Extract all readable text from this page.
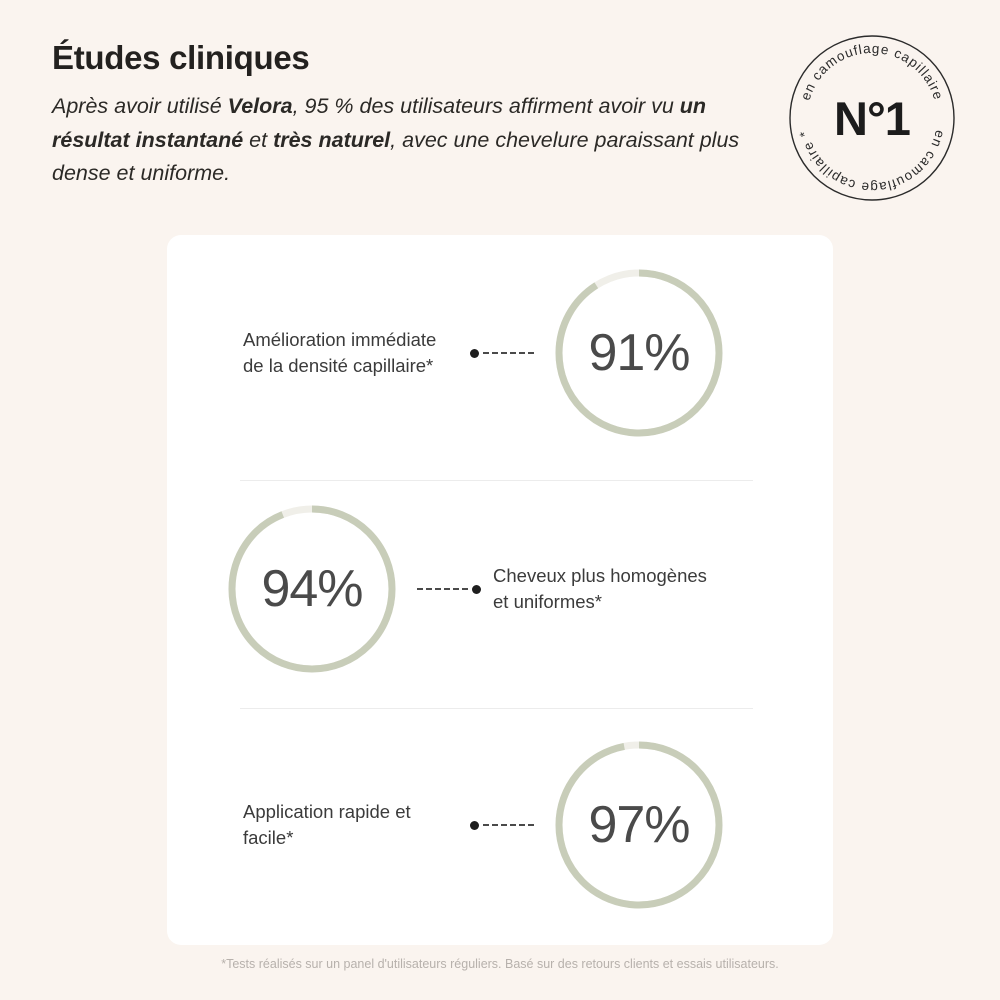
Études cliniques

Après avoir utilisé Velora, 95 % des utilisateurs affirment avoir vu un résultat instantané et très naturel, avec une chevelure paraissant plus dense et uniforme.

en camouflage capillaire
en camouflage capillaire * N°1
Amélioration immédiate de la densité capillaire*	91%
94%	Cheveux plus homogènes et uniformes*
Application rapide et facile*	97%
*Tests réalisés sur un panel d'utilisateurs réguliers. Basé sur des retours clients et essais utilisateurs.
